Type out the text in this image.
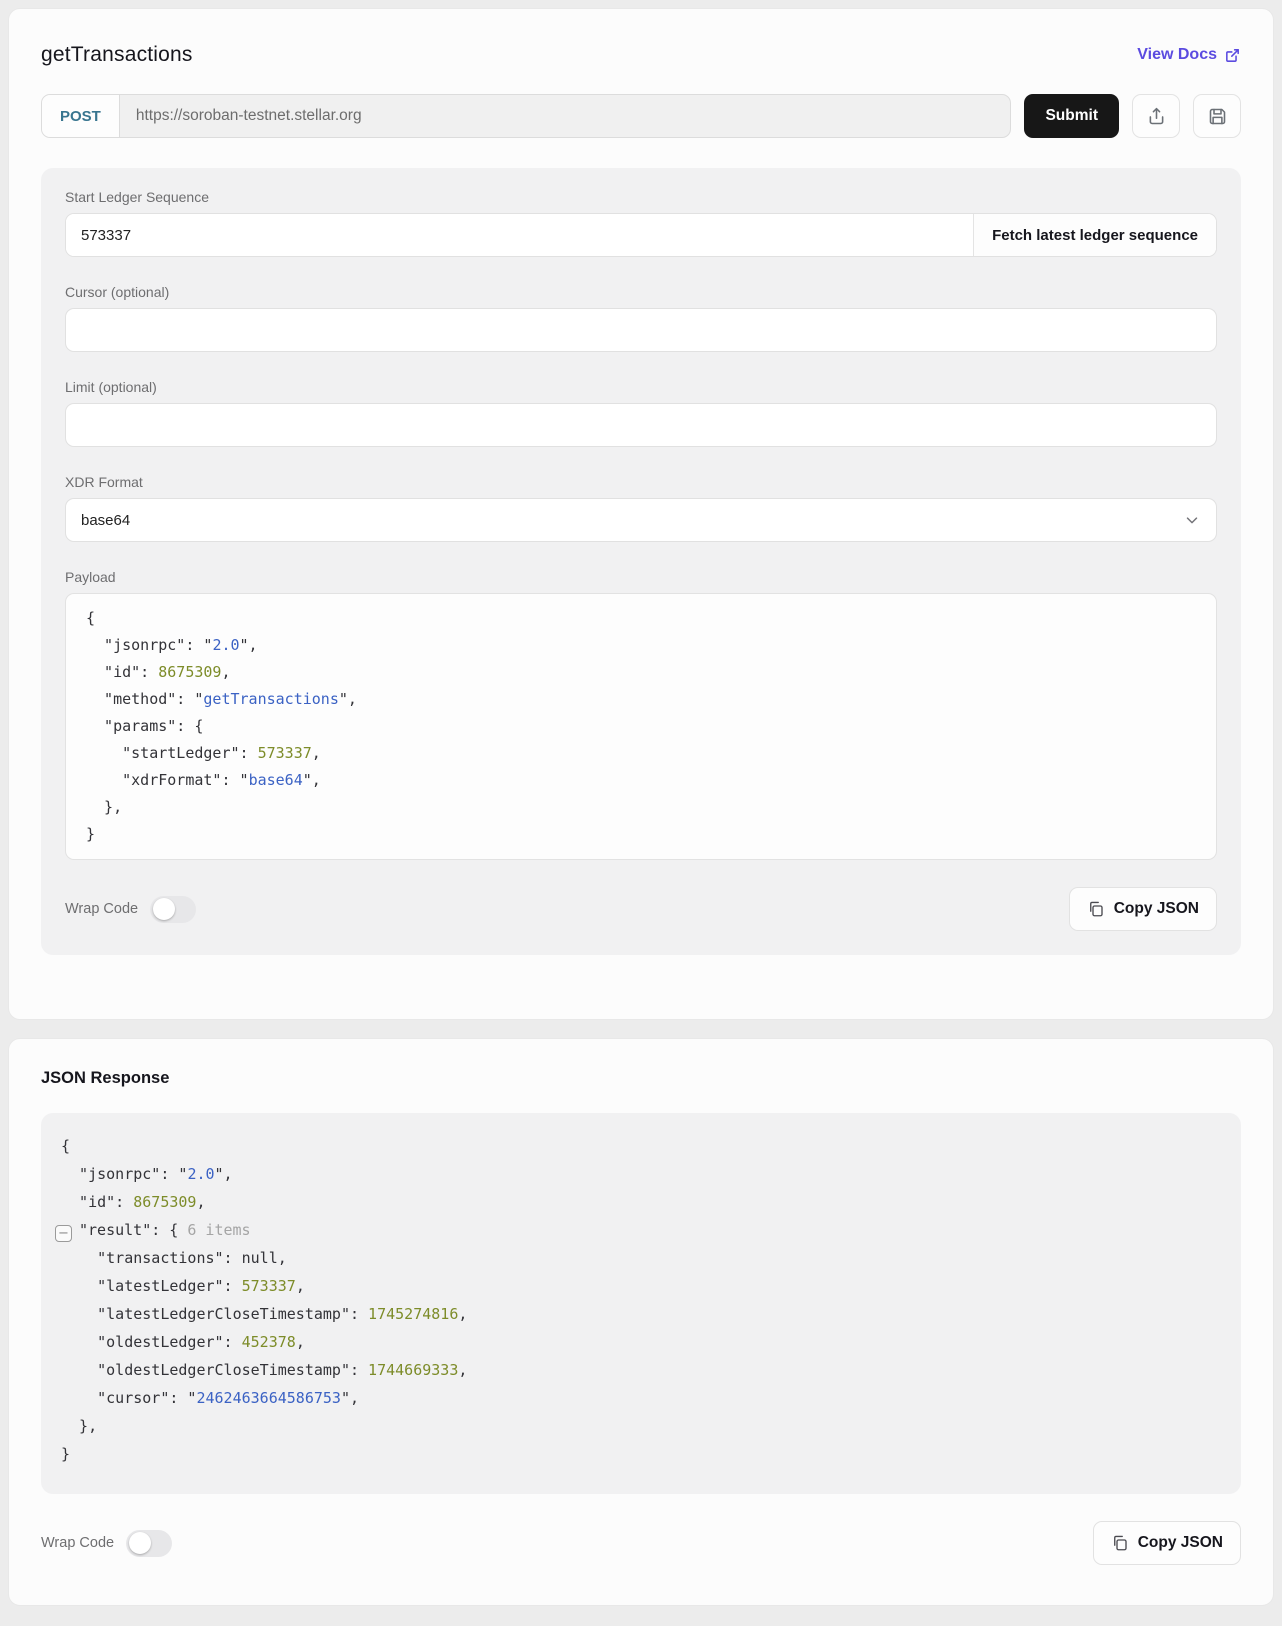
getTransactions	View Docs
POST
https://soroban-testnet.stellar.org	Submit
Start Ledger Sequence
573337
Fetch latest ledger sequence
Cursor (optional)
Limit (optional)
XDR Format
base64
Payload
{
"jsonrpc": "2.0",
"id": 8675309,
"method": "getTransactions",
"params": {
"startLedger": 573337,
"xdrFormat": "base64",
},
}
Wrap Code	Copy JSON
JSON Response
{
"jsonrpc": "2.0",
"id": 8675309,
− "result": { 6 items
"transactions": null,
"latestLedger": 573337,
"latestLedgerCloseTimestamp": 1745274816,
"oldestLedger": 452378,
"oldestLedgerCloseTimestamp": 1744669333,
"cursor": "2462463664586753",
},
}
Wrap Code	Copy JSON
